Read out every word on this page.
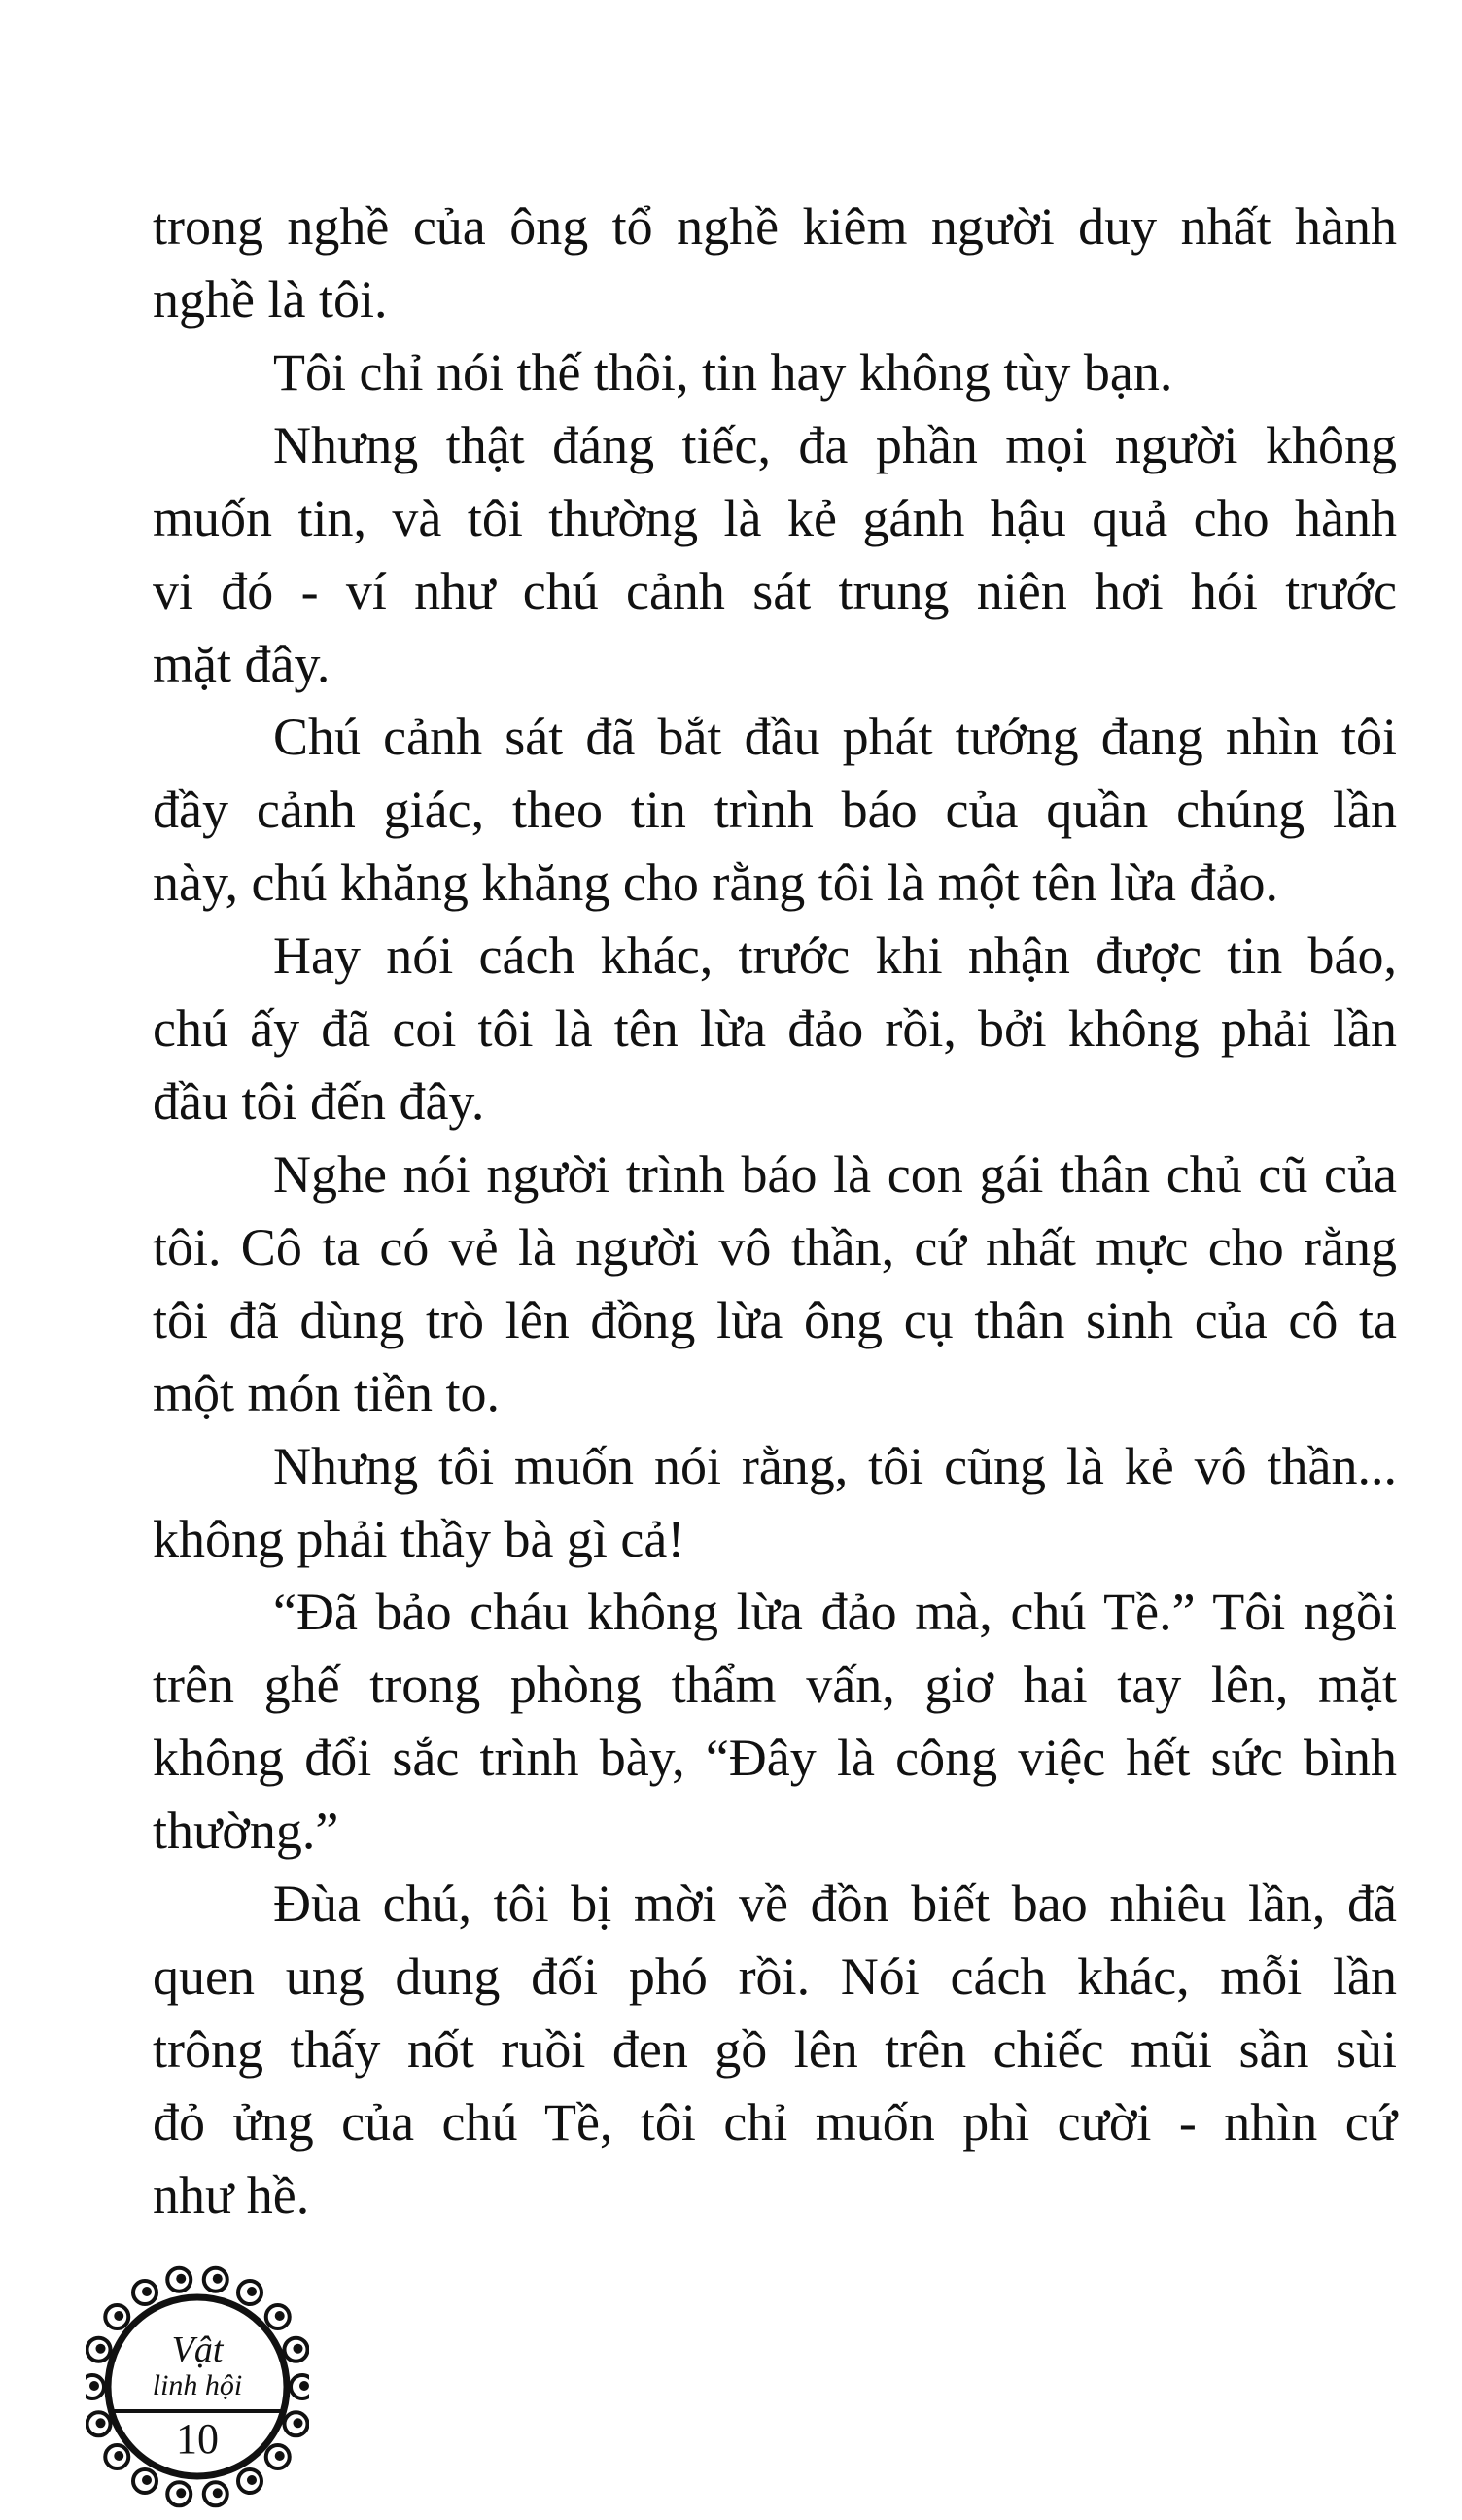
trong nghề của ông tổ nghề kiêm người duy nhất hành
nghề là tôi.
Tôi chỉ nói thế thôi, tin hay không tùy bạn.
Nhưng thật đáng tiếc, đa phần mọi người không
muốn tin, và tôi thường là kẻ gánh hậu quả cho hành
vi đó - ví như chú cảnh sát trung niên hơi hói trước
mặt đây.
Chú cảnh sát đã bắt đầu phát tướng đang nhìn tôi
đầy cảnh giác, theo tin trình báo của quần chúng lần
này, chú khăng khăng cho rằng tôi là một tên lừa đảo.
Hay nói cách khác, trước khi nhận được tin báo,
chú ấy đã coi tôi là tên lừa đảo rồi, bởi không phải lần
đầu tôi đến đây.
Nghe nói người trình báo là con gái thân chủ cũ của
tôi. Cô ta có vẻ là người vô thần, cứ nhất mực cho rằng
tôi đã dùng trò lên đồng lừa ông cụ thân sinh của cô ta
một món tiền to.
Nhưng tôi muốn nói rằng, tôi cũng là kẻ vô thần...
không phải thầy bà gì cả!
“Đã bảo cháu không lừa đảo mà, chú Tề.” Tôi ngồi
trên ghế trong phòng thẩm vấn, giơ hai tay lên, mặt
không đổi sắc trình bày, “Đây là công việc hết sức bình
thường.”
Đùa chú, tôi bị mời về đồn biết bao nhiêu lần, đã
quen ung dung đối phó rồi. Nói cách khác, mỗi lần
trông thấy nốt ruồi đen gồ lên trên chiếc mũi sần sùi
đỏ ửng của chú Tề, tôi chỉ muốn phì cười - nhìn cứ
như hề.
Vật
linh hội
10
